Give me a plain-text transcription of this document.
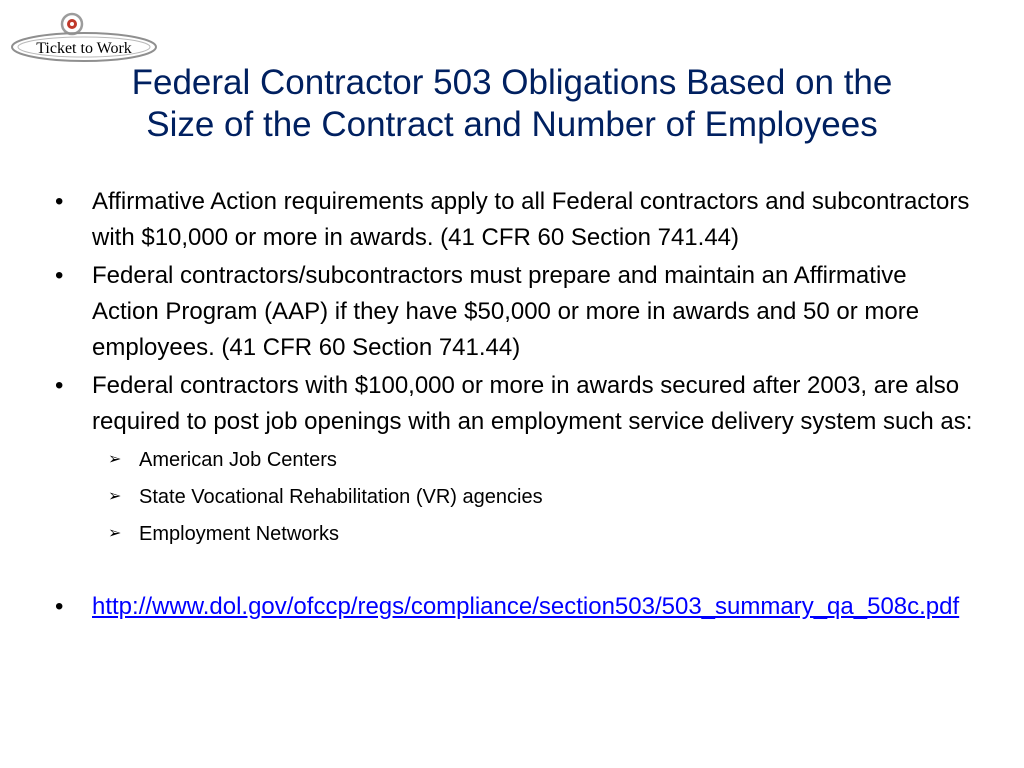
Ticket to Work
Federal Contractor 503 Obligations Based on the
Size of the Contract and Number of Employees
•	Affirmative Action requirements apply to all Federal contractors and subcontractors with $10,000 or more in awards. (41 CFR 60 Section 741.44)
•	Federal contractors/subcontractors must prepare and maintain an Affirmative Action Program (AAP) if they have $50,000 or more in awards and 50 or more employees. (41 CFR 60 Section 741.44)
•	Federal contractors with $100,000 or more in awards secured after 2003, are also required to post job openings with an employment service delivery system such as:
➢ American Job Centers
➢ State Vocational Rehabilitation (VR) agencies
➢ Employment Networks
•	http://www.dol.gov/ofccp/regs/compliance/section503/503_summary_qa_508c.pdf
